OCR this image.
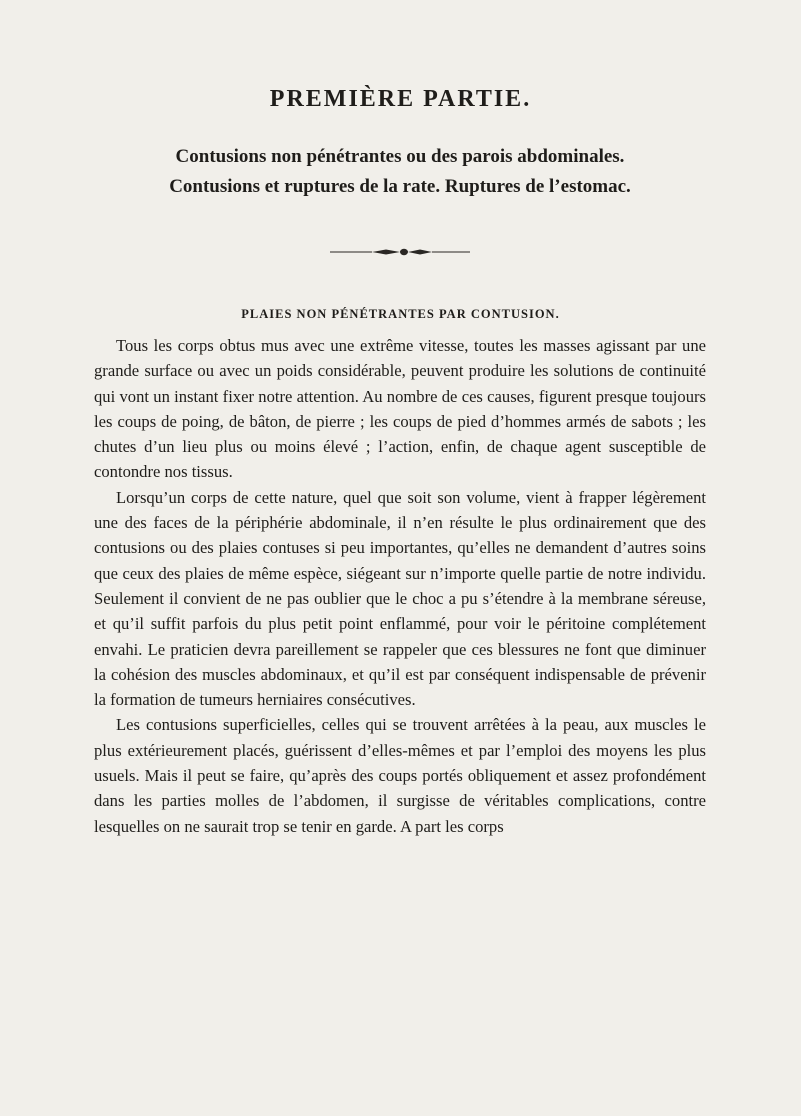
PREMIÈRE PARTIE.
Contusions non pénétrantes ou des parois abdominales.
Contusions et ruptures de la rate. Ruptures de l’estomac.
PLAIES NON PÉNÉTRANTES PAR CONTUSION.

Tous les corps obtus mus avec une extrême vitesse, toutes les masses agissant par une grande surface ou avec un poids considérable, peuvent produire les solutions de continuité qui vont un instant fixer notre attention. Au nombre de ces causes, figurent presque toujours les coups de poing, de bâton, de pierre ; les coups de pied d’hommes armés de sabots ; les chutes d’un lieu plus ou moins élevé ; l’action, enfin, de chaque agent susceptible de contondre nos tissus.

Lorsqu’un corps de cette nature, quel que soit son volume, vient à frapper légèrement une des faces de la périphérie abdominale, il n’en résulte le plus ordinairement que des contusions ou des plaies contuses si peu importantes, qu’elles ne demandent d’autres soins que ceux des plaies de même espèce, siégeant sur n’importe quelle partie de notre individu. Seulement il convient de ne pas oublier que le choc a pu s’étendre à la membrane séreuse, et qu’il suffit parfois du plus petit point enflammé, pour voir le péritoine complétement envahi. Le praticien devra pareillement se rappeler que ces blessures ne font que diminuer la cohésion des muscles abdominaux, et qu’il est par conséquent indispensable de prévenir la formation de tumeurs herniaires consécutives.

Les contusions superficielles, celles qui se trouvent arrêtées à la peau, aux muscles le plus extérieurement placés, guérissent d’elles-mêmes et par l’emploi des moyens les plus usuels. Mais il peut se faire, qu’après des coups portés obliquement et assez profondément dans les parties molles de l’abdomen, il surgisse de véritables complications, contre lesquelles on ne saurait trop se tenir en garde. A part les corps
